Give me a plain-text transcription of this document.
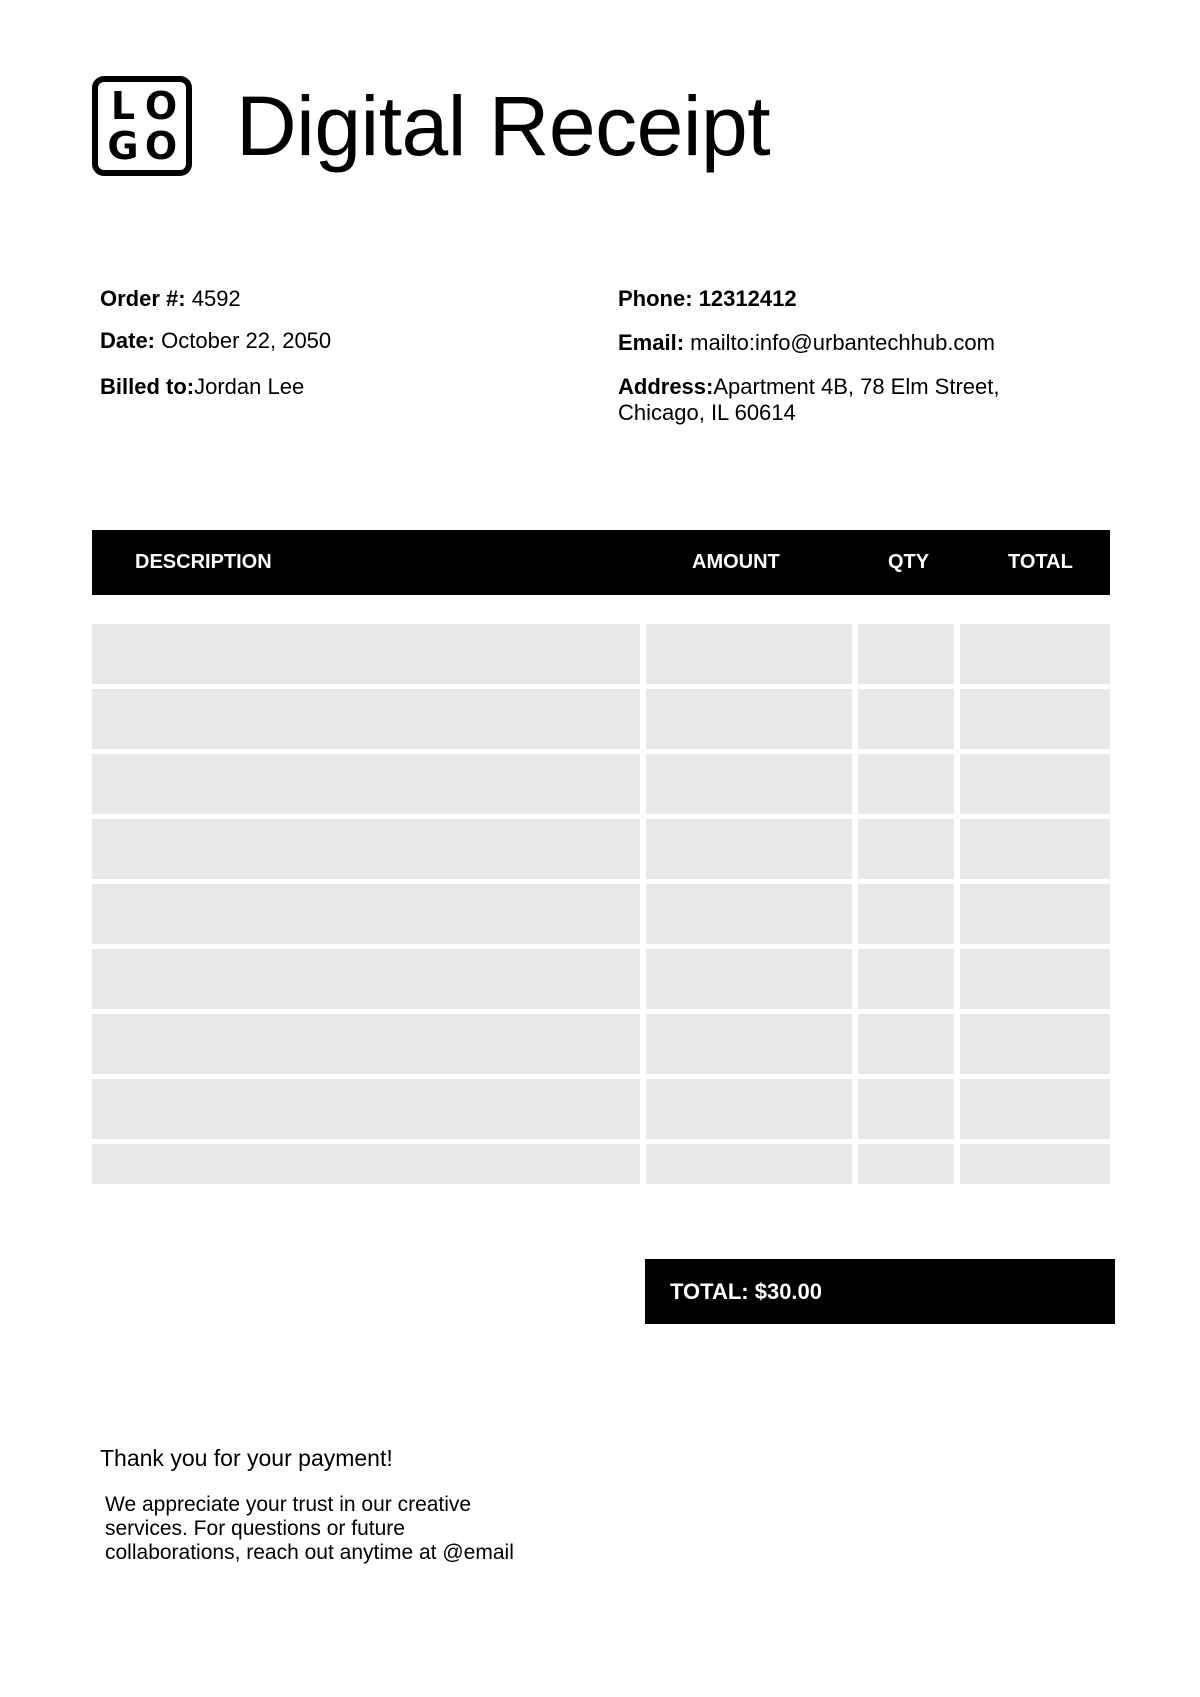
L O
G O Digital Receipt

Order #: 4592

Date: October 22, 2050

Billed to:Jordan Lee

Phone: 12312412

Email: mailto:info@urbantechhub.com

Address:Apartment 4B, 78 Elm Street,
Chicago, IL 60614

DESCRIPTION	AMOUNT	QTY	TOTAL
TOTAL: $30.00

Thank you for your payment!

We appreciate your trust in our creative services. For questions or future collaborations, reach out anytime at @email
